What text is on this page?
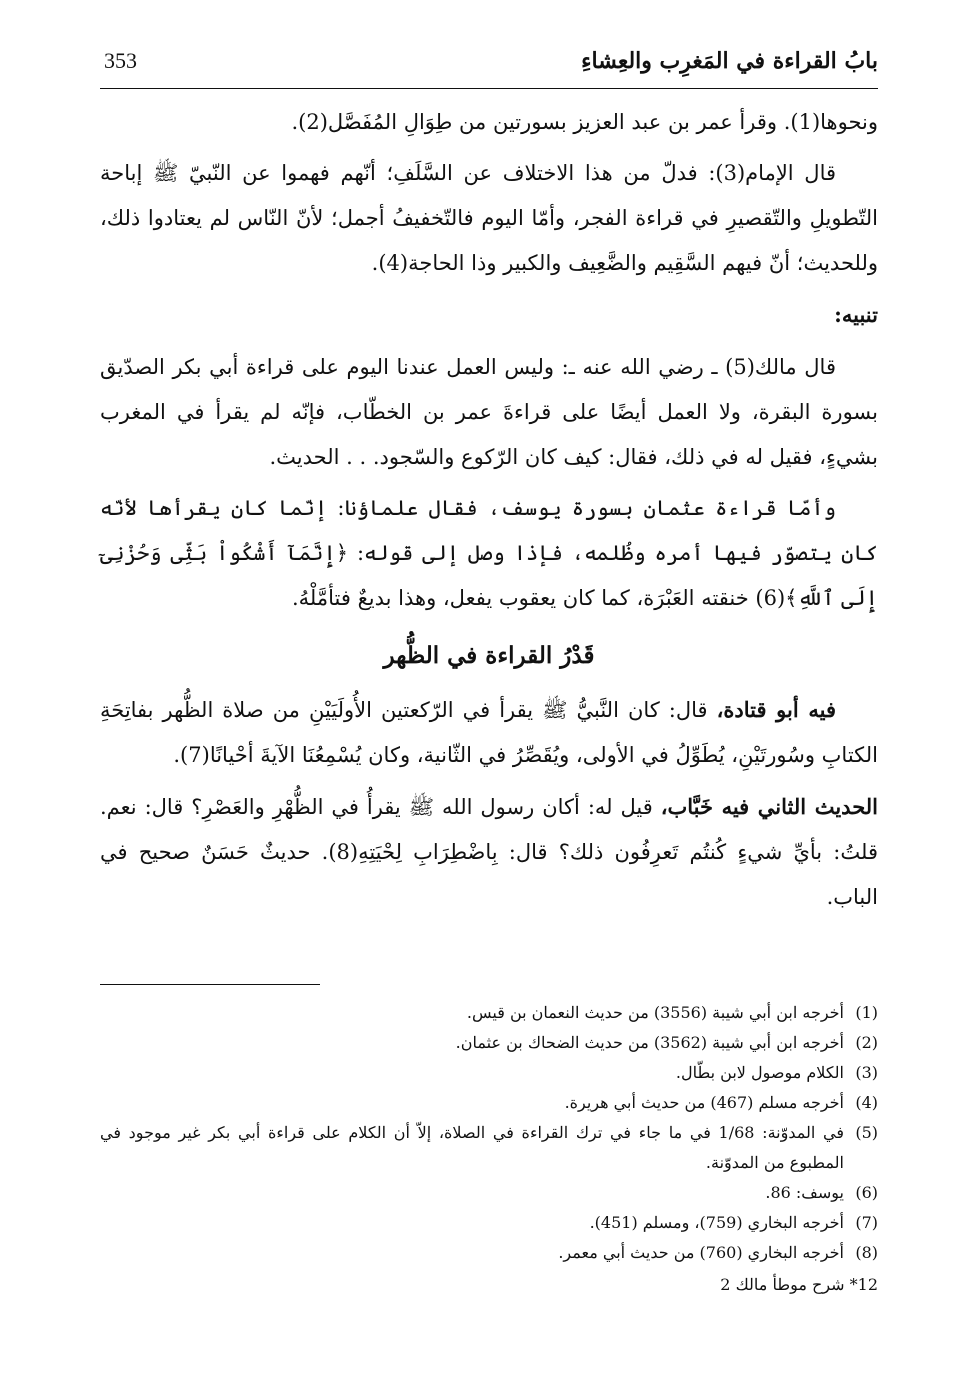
بابُ القراءة في المَغرِب والعِشاءِ
353

ونحوها(1). وقرأ عمر بن عبد العزيز بسورتين من طِوَالِ المُفَصَّل(2).

قال الإمام(3): فدلّ من هذا الاختلاف عن السَّلَفِ؛ أنّهم فهموا عن النّبيّ ﷺ إباحة التّطويلِ والتّقصيرِ في قراءة الفجر، وأمّا اليوم فالتّخفيفُ أجمل؛ لأنّ النّاس لم يعتادوا ذلك، وللحديث؛ أنّ فيهم السَّقِيم والضَّعِيف والكبير وذا الحاجة(4).

تنبيه:

قال مالك(5) ـ رضي الله عنه ـ: وليس العمل عندنا اليوم على قراءة أبي بكر الصدّيق بسورة البقرة، ولا العمل أيضًا على قراءةَ عمر بن الخطّاب، فإنّه لم يقرأ في المغرب بشيءٍ، فقيل له في ذلك، فقال: كيف كان الرّكوع والسّجود. . . الحديث.

وأمّا قراءة عثمان بسورة يوسف، فقال علماؤنا: إنّما كان يقرأها لأنّه كان يتصوّر فيها أمره وظُلمه، فإذا وصل إلى قوله: ﴿إِنَّمَآ أَشْكُواْ بَثِّى وَحُزْنِىٓ إِلَى ٱللَّهِ﴾(6) خنقته العَبْرَة، كما كان يعقوب يفعل، وهذا بديعٌ فتأمَّلْهُ.

قَدْرُ القراءة في الظُّهر

فيه أبو قتادة، قال: كان النَّبيُّ ﷺ يقرأ في الرّكعتين الأُولَيَيْنِ من صلاة الظُّهر بفاتِحَةِ الكتابِ وسُورتَيْنِ، يُطَوِّلُ في الأولى، ويُقَصِّرُ في الثّانية، وكان يُسْمِعُنَا الآيةَ أحْيانًا(7).

الحديث الثاني فيه خَبَّاب، قيل له: أكان رسول الله ﷺ يقرأُ في الظُّهْرِ والعَصْرِ؟ قال: نعم. قلتُ: بأيِّ شيءٍ كُنتُم تَعرِفُون ذلك؟ قال: بِاضْطِرَابِ لِحْيَتِهِ(8). حديثٌ حَسَنٌ صحيح في الباب.

(1)
أخرجه ابن أبي شيبة (3556) من حديث النعمان بن قيس.
(2)
أخرجه ابن أبي شيبة (3562) من حديث الضحاك بن عثمان.
(3)
الكلام موصول لابن بطّال.
(4)
أخرجه مسلم (467) من حديث أبي هريرة.
(5)
في المدوّنة: 1/68 في ما جاء في ترك القراءة في الصلاة، إلاّ أن الكلام على قراءة أبي بكر غير موجود في المطبوع من المدوّنة.
(6)
يوسف: 86.
(7)
أخرجه البخاري (759)، ومسلم (451).
(8)
أخرجه البخاري (760) من حديث أبي معمر.
12* شرح موطأ مالك 2
